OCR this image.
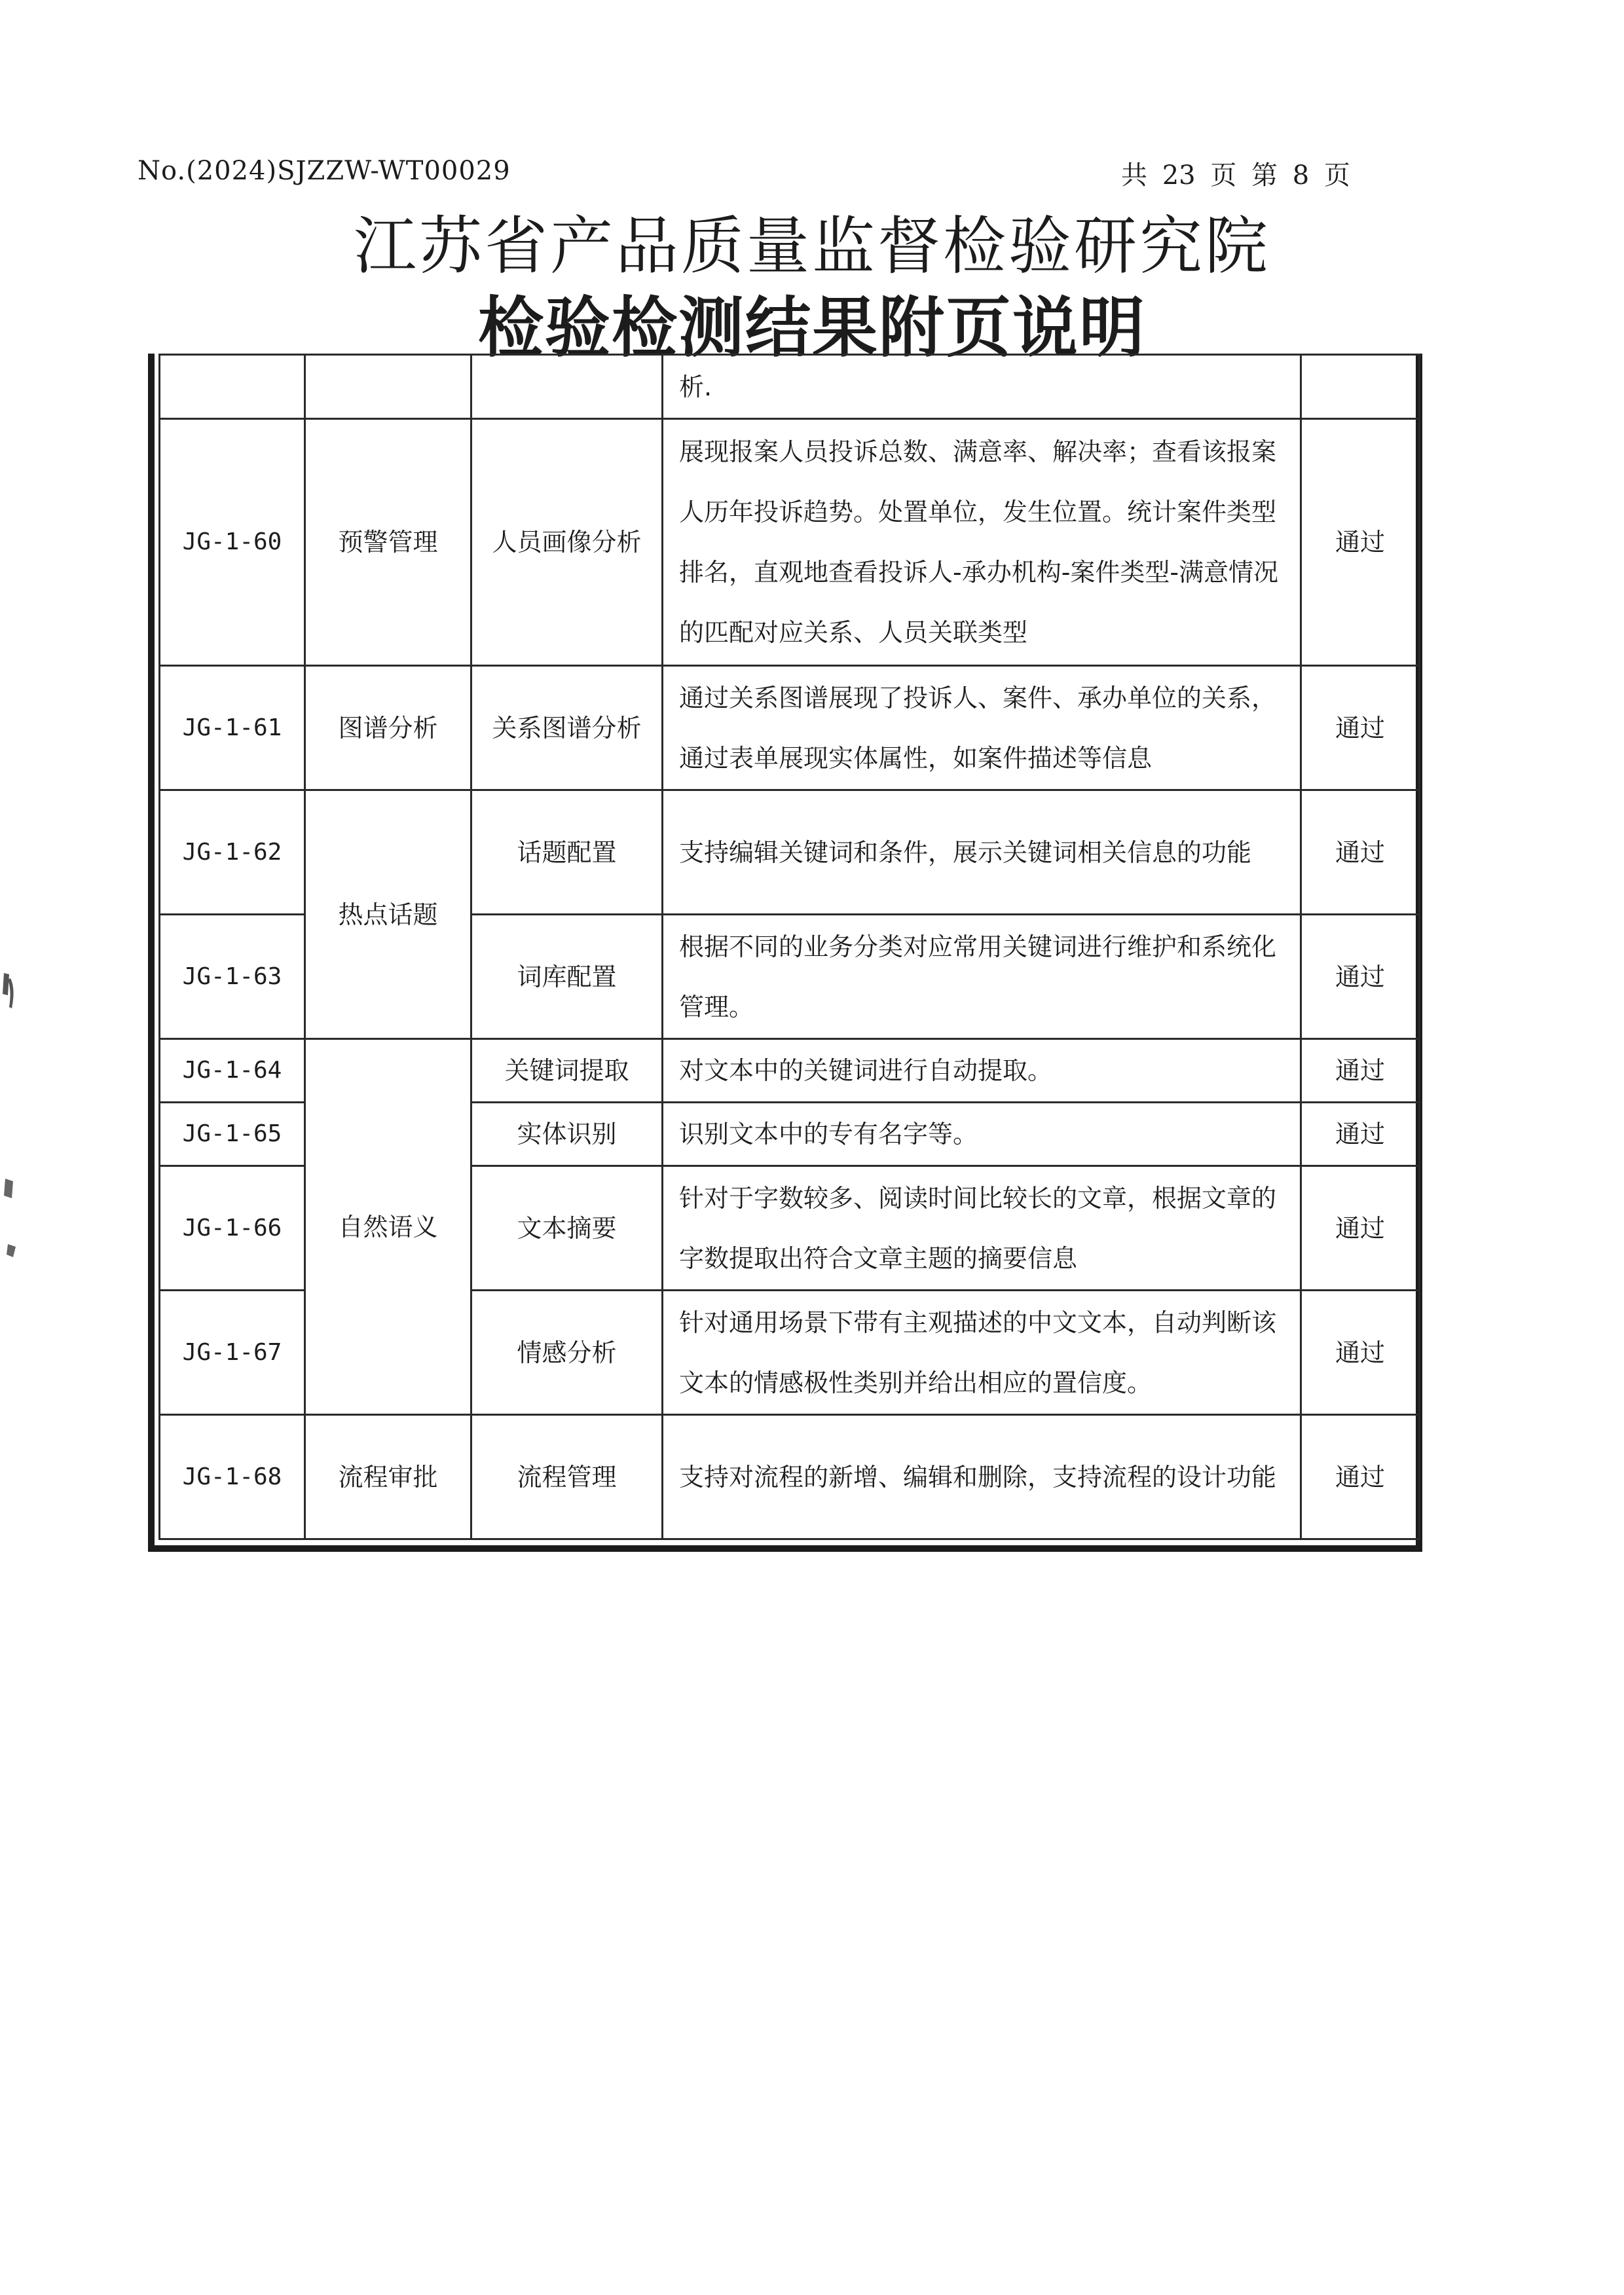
No.(2024)SJZZW-WT00029	共 23 页 第 8 页
江苏省产品质量监督检验研究院
检验检测结果附页说明
			析.	
JG-1-60	预警管理	人员画像分析	展现报案人员投诉总数、满意率、解决率；查看该报案人历年投诉趋势。处置单位，发生位置。统计案件类型排名，直观地查看投诉人-承办机构-案件类型-满意情况的匹配对应关系、人员关联类型	通过
JG-1-61	图谱分析	关系图谱分析	通过关系图谱展现了投诉人、案件、承办单位的关系，通过表单展现实体属性，如案件描述等信息	通过
JG-1-62	热点话题	话题配置	支持编辑关键词和条件，展示关键词相关信息的功能	通过
JG-1-63		词库配置	根据不同的业务分类对应常用关键词进行维护和系统化管理。	通过
JG-1-64	自然语义	关键词提取	对文本中的关键词进行自动提取。	通过
JG-1-65		实体识别	识别文本中的专有名字等。	通过
JG-1-66		文本摘要	针对于字数较多、阅读时间比较长的文章，根据文章的字数提取出符合文章主题的摘要信息	通过
JG-1-67		情感分析	针对通用场景下带有主观描述的中文文本，自动判断该文本的情感极性类别并给出相应的置信度。	通过
JG-1-68	流程审批	流程管理	支持对流程的新增、编辑和删除，支持流程的设计功能	通过
